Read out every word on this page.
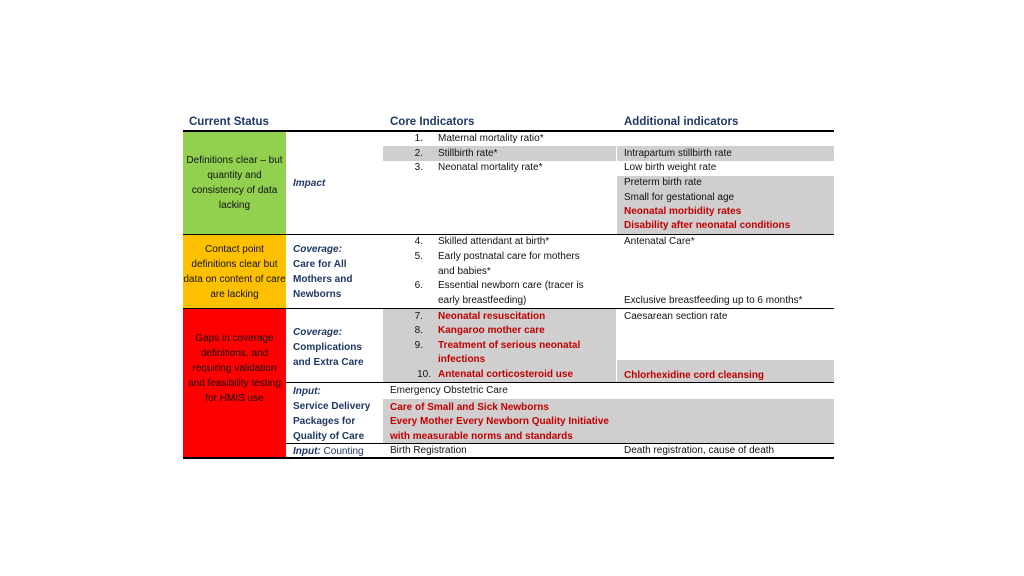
Current Status	Core Indicators	Additional indicators
Definitions clear – but quantity and consistency of data lacking
Contact point definitions clear but data on content of care are lacking
Gaps in coverage definitions, and requiring validation and feasibility testing for HMIS use
Impact
Coverage:
Care for All Mothers and Newborns
Coverage:
Complications and Extra Care
Input:
Service Delivery Packages for Quality of Care
Input: Counting
1. Maternal mortality ratio*
2. Stillbirth rate*
3. Neonatal mortality rate*
4. Skilled attendant at birth*
5. Early postnatal care for mothers
and babies*
6. Essential newborn care (tracer is
early breastfeeding)
7. Neonatal resuscitation
8. Kangaroo mother care
9. Treatment of serious neonatal
infections
10. Antenatal corticosteroid use
Emergency Obstetric Care
Care of Small and Sick Newborns
Every Mother Every Newborn Quality Initiative
with measurable norms and standards
Birth Registration
Intrapartum stillbirth rate
Low birth weight rate
Preterm birth rate
Small for gestational age
Neonatal morbidity rates
Disability after neonatal conditions
Antenatal Care*
Exclusive breastfeeding up to 6 months*
Caesarean section rate
Chlorhexidine cord cleansing
Death registration, cause of death
